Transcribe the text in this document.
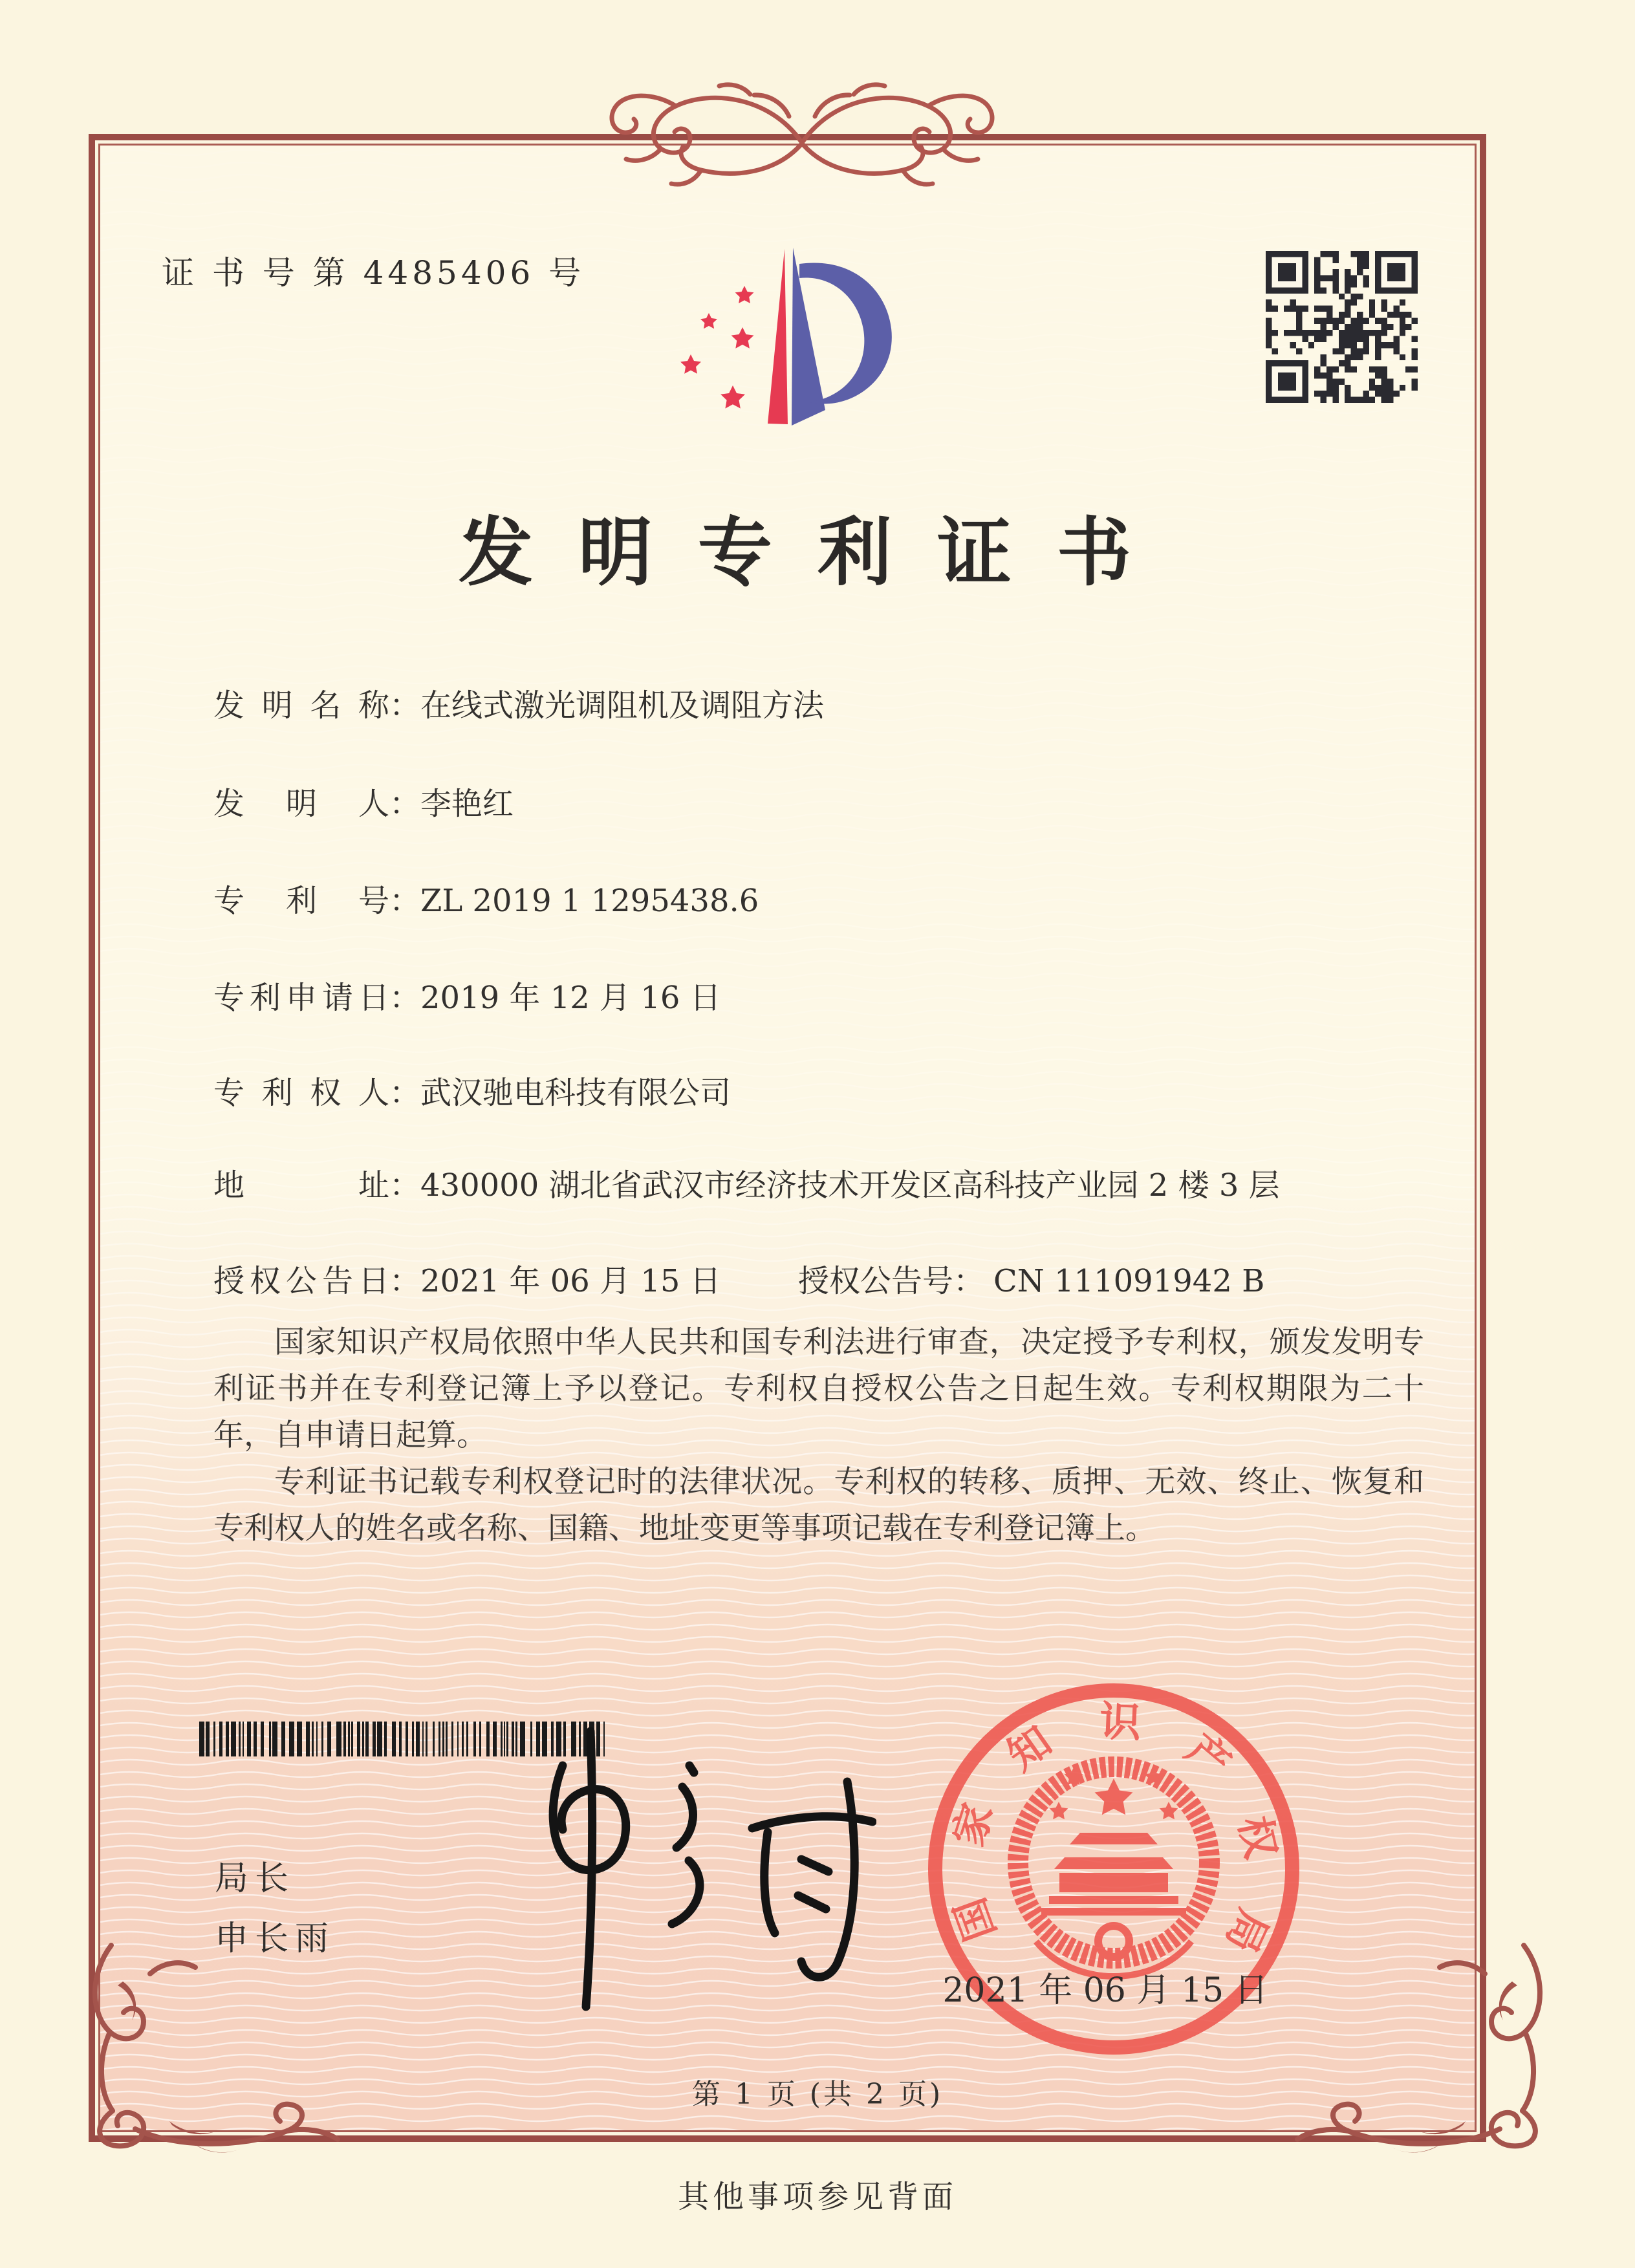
证 书 号 第 4485406 号
发明专利证书
发明名称 ： 在线式激光调阻机及调阻方法
发明人 ： 李艳红
专利号 ： ZL 2019 1 1295438.6
专利申请日 ： 2019 年 12 月 16 日
专利权人 ： 武汉驰电科技有限公司
地址 ： 430000 湖北省武汉市经济技术开发区高科技产业园 2 楼 3 层
授权公告日 ： 2021 年 06 月 15 日 授权公告号 ： CN 111091942 B

国家知识产权局依照中华人民共和国专利法进行审查，决定授予专利权，颁发发明专利证书并在专利登记簿上予以登记。专利权自授权公告之日起生效。专利权期限为二十年，自申请日起算。

专利证书记载专利权登记时的法律状况。专利权的转移、质押、无效、终止、恢复和专利权人的姓名或名称、国籍、地址变更等事项记载在专利登记簿上。

局长
申长雨	国
家
知 识
产
权
局
2021 年 06 月 15 日
第 1 页 (共 2 页)
其他事项参见背面
